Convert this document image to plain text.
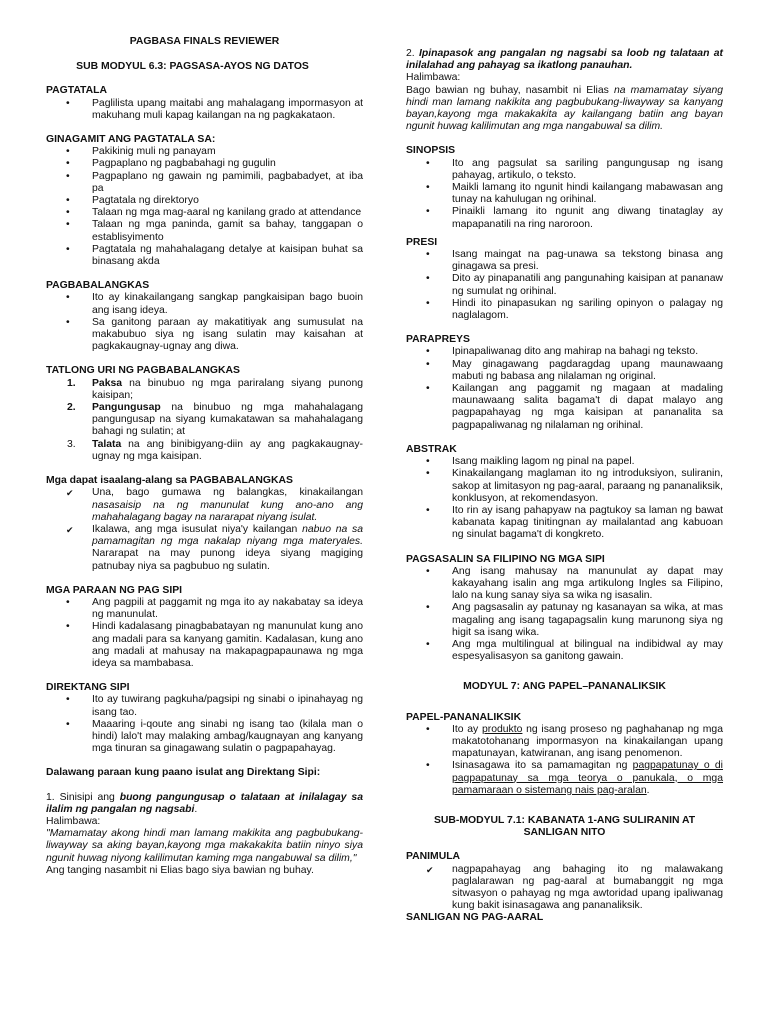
PAGBASA FINALS REVIEWER
SUB MODYUL 6.3: PAGSASA-AYOS NG DATOS
PAGTATALA
• Paglilista upang maitabi ang mahalagang impormasyon at makuhang muli kapag kailangan na ng pagkakataon.
GINAGAMIT ANG PAGTATALA SA:
• Pakikinig muli ng panayam
• Pagpaplano ng pagbabahagi ng gugulin
• Pagpaplano ng gawain ng pamimili, pagbabadyet, at iba pa
• Pagtatala ng direktoryo
• Talaan ng mga mag-aaral ng kanilang grado at attendance
• Talaan ng mga paninda, gamit sa bahay, tanggapan o establisyimento
• Pagtatala ng mahahalagang detalye at kaisipan buhat sa binasang akda
PAGBABALANGKAS
• Ito ay kinakailangang sangkap pangkaisipan bago buoin ang isang ideya.
• Sa ganitong paraan ay makatitiyak ang sumusulat na makabubuo siya ng isang sulatin may kaisahan at pagkakaugnay-ugnay ang diwa.
TATLONG URI NG PAGBABALANGKAS
1. Paksa na binubuo ng mga pariralang siyang punong kaisipan;
2. Pangungusap na binubuo ng mga mahahalagang pangungusap na siyang kumakatawan sa mahahalagang bahagi ng sulatin; at
3. Talata na ang binibigyang-diin ay ang pagkakaugnay-ugnay ng mga kaisipan.
Mga dapat isaalang-alang sa PAGBABALANGKAS
✔ Una, bago gumawa ng balangkas, kinakailangan nasasaisip na ng manunulat kung ano-ano ang mahahalagang bagay na nararapat niyang isulat.
✔ Ikalawa, ang mga isusulat niya'y kailangan nabuo na sa pamamagitan ng mga nakalap niyang mga materyales. Nararapat na may punong ideya siyang magiging patnubay niya sa pagbubuo ng sulatin.
MGA PARAAN NG PAG SIPI
• Ang pagpili at paggamit ng mga ito ay nakabatay sa ideya ng manunulat.
• Hindi kadalasang pinagbabatayan ng manunulat kung ano ang madali para sa kanyang gamitin. Kadalasan, kung ano ang madali at mahusay na makapagpapaunawa ng mga ideya sa mambabasa.
DIREKTANG SIPI
• Ito ay tuwirang pagkuha/pagsipi ng sinabi o ipinahayag ng isang tao.
• Maaaring i-qoute ang sinabi ng isang tao (kilala man o hindi) lalo't may malaking ambag/kaugnayan ang kanyang mga tinuran sa ginagawang sulatin o pagpapahayag.
Dalawang paraan kung paano isulat ang Direktang Sipi:

1. Sinisipi ang buong pangungusap o talataan at inilalagay sa ilalim ng pangalan ng nagsabi.

Halimbawa:

"Mamamatay akong hindi man lamang makikita ang pagbubukang-liwayway sa aking bayan,kayong mga makakakita batiin ninyo siya ngunit huwag niyong kalilimutan kaming mga nangabuwal sa dilim,"

Ang tanging nasambit ni Elias bago siya bawian ng buhay.

2. Ipinapasok ang pangalan ng nagsabi sa loob ng talataan at inilalahad ang pahayag sa ikatlong panauhan.

Halimbawa:

Bago bawian ng buhay, nasambit ni Elias na mamamatay siyang hindi man lamang nakikita ang pagbubukang-liwayway sa kanyang bayan,kayong mga makakakita ay kailangang batiin ang bayan ngunit huwag kalilimutan ang mga nangabuwal sa dilim.

SINOPSIS
• Ito ang pagsulat sa sariling pangungusap ng isang pahayag, artikulo, o teksto.
• Maikli lamang ito ngunit hindi kailangang mabawasan ang tunay na kahulugan ng orihinal.
• Pinaikli lamang ito ngunit ang diwang tinataglay ay mapapanatili na ring naroroon.
PRESI
• Isang maingat na pag-unawa sa tekstong binasa ang ginagawa sa presi.
• Dito ay pinapanatili ang pangunahing kaisipan at pananaw ng sumulat ng orihinal.
• Hindi ito pinapasukan ng sariling opinyon o palagay ng naglalagom.
PARAPREYS
• Ipinapaliwanag dito ang mahirap na bahagi ng teksto.
• May ginagawang pagdaragdag upang maunawaang mabuti ng babasa ang nilalaman ng original.
• Kailangan ang paggamit ng magaan at madaling maunawaang salita bagama't di dapat malayo ang pagpapahayag ng mga kaisipan at pananalita sa pagpapaliwanag ng nilalaman ng orihinal.
ABSTRAK
• Isang maikling lagom ng pinal na papel.
• Kinakailangang maglaman ito ng introduksiyon, suliranin, sakop at limitasyon ng pag-aaral, paraang ng pananaliksik, konklusyon, at rekomendasyon.
• Ito rin ay isang pahapyaw na pagtukoy sa laman ng bawat kabanata kapag tinitingnan ay mailalantad ang kabuoan ng sinulat bagama't di kongkreto.
PAGSASALIN SA FILIPINO NG MGA SIPI
• Ang isang mahusay na manunulat ay dapat may kakayahang isalin ang mga artikulong Ingles sa Filipino, lalo na kung sanay siya sa wika ng isasalin.
• Ang pagsasalin ay patunay ng kasanayan sa wika, at mas magaling ang isang tagapagsalin kung marunong siya ng higit sa isang wika.
• Ang mga multilingual at bilingual na indibidwal ay may espesyalisasyon sa ganitong gawain.
MODYUL 7: ANG PAPEL–PANANALIKSIK
PAPEL-PANANALIKSIK
• Ito ay produkto ng isang proseso ng paghahanap ng mga makatotohanang impormasyon na kinakailangan upang mapatunayan, katwiranan, ang isang penomenon.
• Isinasagawa ito sa pamamagitan ng pagpapatunay o di pagpapatunay sa mga teorya o panukala, o mga pamamaraan o sistemang nais pag-aralan.
SUB-MODYUL 7.1: KABANATA 1-ANG SULIRANIN AT
SANLIGAN NITO
PANIMULA
✔ nagpapahayag ang bahaging ito ng malawakang paglalarawan ng pag-aaral at bumabanggit ng mga sitwasyon o pahayag ng mga awtoridad upang ipaliwanag kung bakit isinasagawa ang pananaliksik.
SANLIGAN NG PAG-AARAL
